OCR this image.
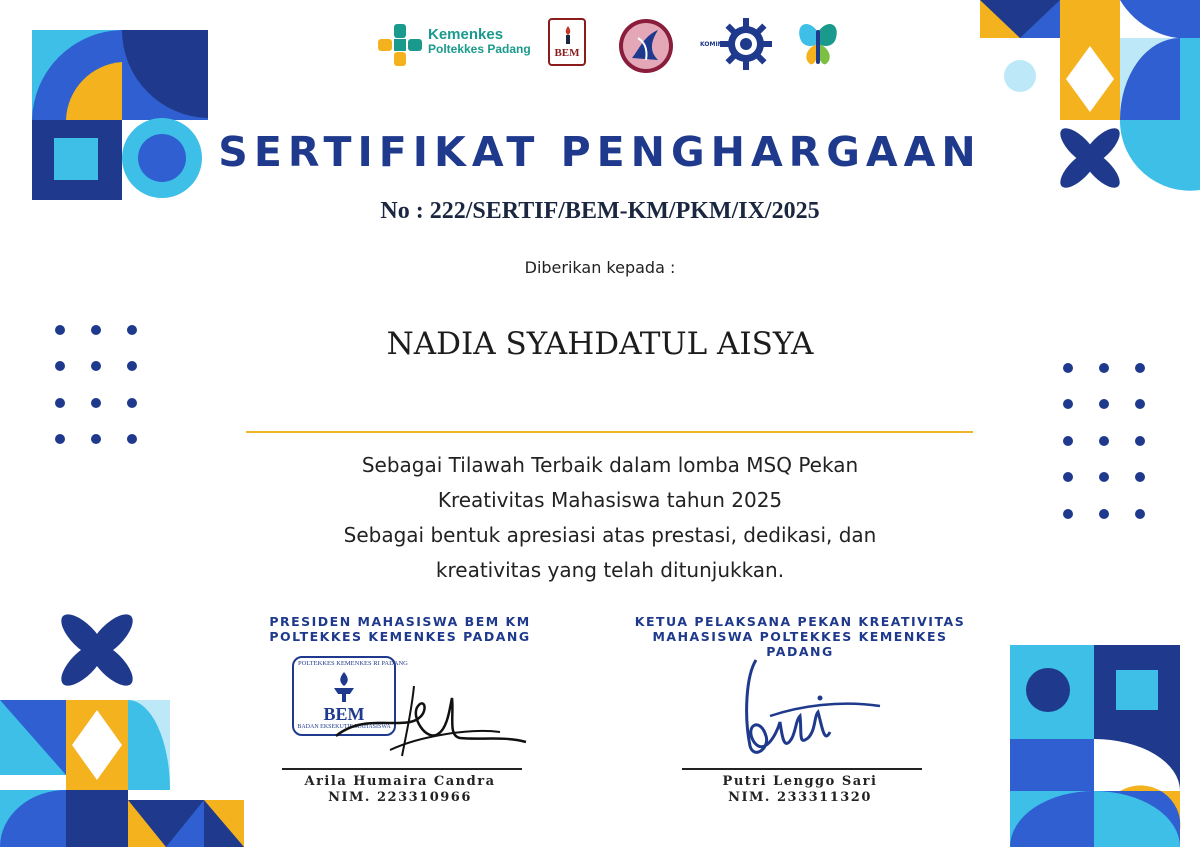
Kemenkes
Poltekkes Padang	BEM
KOMINFO
SERTIFIKAT PENGHARGAAN
No : 222/SERTIF/BEM-KM/PKM/IX/2025
Diberikan kepada :
NADIA SYAHDATUL AISYA
Sebagai Tilawah Terbaik dalam lomba MSQ Pekan
Kreativitas Mahasiswa tahun 2025
Sebagai bentuk apresiasi atas prestasi, dedikasi, dan
kreativitas yang telah ditunjukkan.
PRESIDEN MAHASISWA BEM KM
POLTEKKES KEMENKES PADANG
POLTEKKES KEMENKES RI PADANG
BEM
BADAN EKSEKUTIF MAHASISWA
Arila Humaira Candra
NIM. 223310966
KETUA PELAKSANA PEKAN KREATIVITAS
MAHASISWA POLTEKKES KEMENKES
PADANG
Putri Lenggo Sari
NIM. 233311320
